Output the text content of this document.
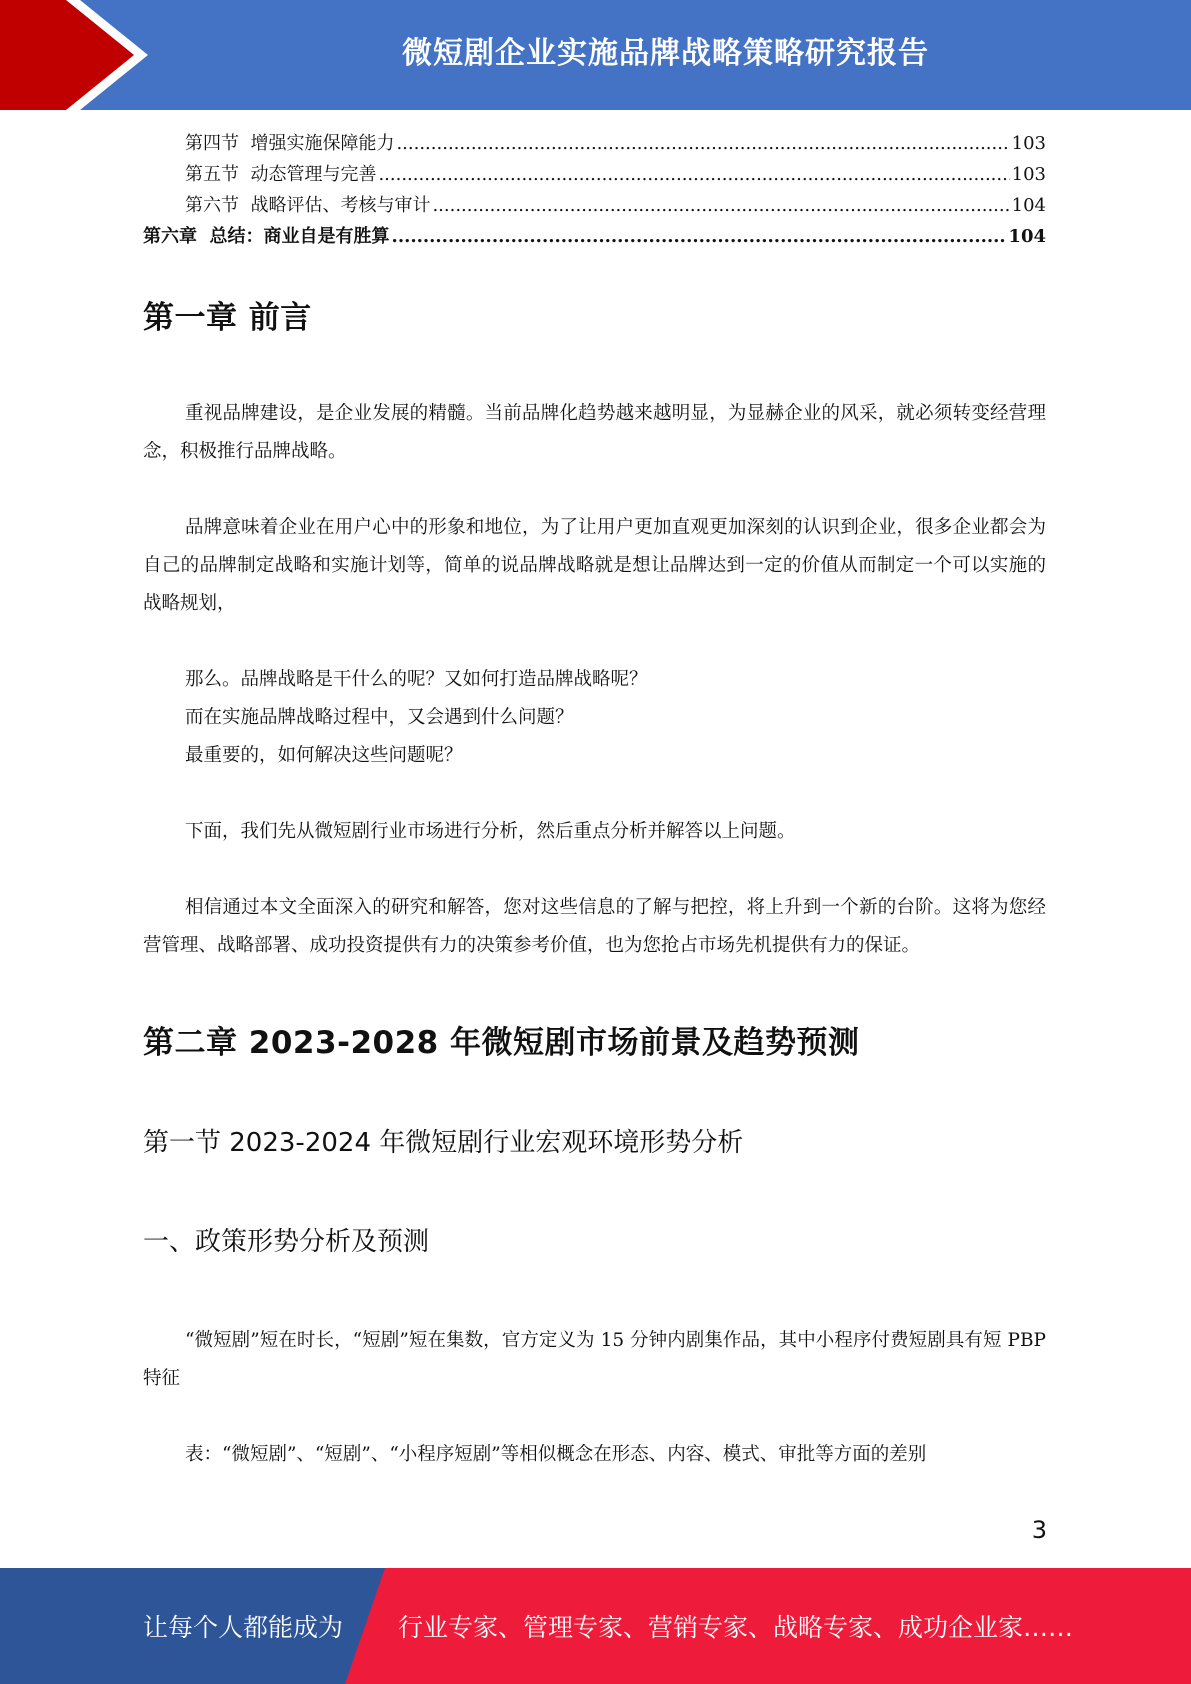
微短剧企业实施品牌战略策略研究报告
第四节  增强实施保障能力 .....	103
第五节  动态管理与完善 .....	103
第六节  战略评估、考核与审计 .....	104
第六章  总结：商业自是有胜算 .....	104
第一章 前言

重视品牌建设，是企业发展的精髓。当前品牌化趋势越来越明显，为显赫企业的风采，就必须转变经营理念，积极推行品牌战略。

品牌意味着企业在用户心中的形象和地位，为了让用户更加直观更加深刻的认识到企业，很多企业都会为自己的品牌制定战略和实施计划等，简单的说品牌战略就是想让品牌达到一定的价值从而制定一个可以实施的战略规划，

那么。品牌战略是干什么的呢？又如何打造品牌战略呢？

而在实施品牌战略过程中，又会遇到什么问题？

最重要的，如何解决这些问题呢？

下面，我们先从微短剧行业市场进行分析，然后重点分析并解答以上问题。

相信通过本文全面深入的研究和解答，您对这些信息的了解与把控，将上升到一个新的台阶。这将为您经营管理、战略部署、成功投资提供有力的决策参考价值，也为您抢占市场先机提供有力的保证。

第二章 2023-2028 年微短剧市场前景及趋势预测
第一节 2023-2024 年微短剧行业宏观环境形势分析
一、政策形势分析及预测

“微短剧”短在时长，“短剧”短在集数，官方定义为 15 分钟内剧集作品，其中小程序付费短剧具有短 PBP 特征

表：“微短剧”、“短剧”、“小程序短剧”等相似概念在形态、内容、模式、审批等方面的差别

3
让每个人都能成为 行业专家、管理专家、营销专家、战略专家、成功企业家……
